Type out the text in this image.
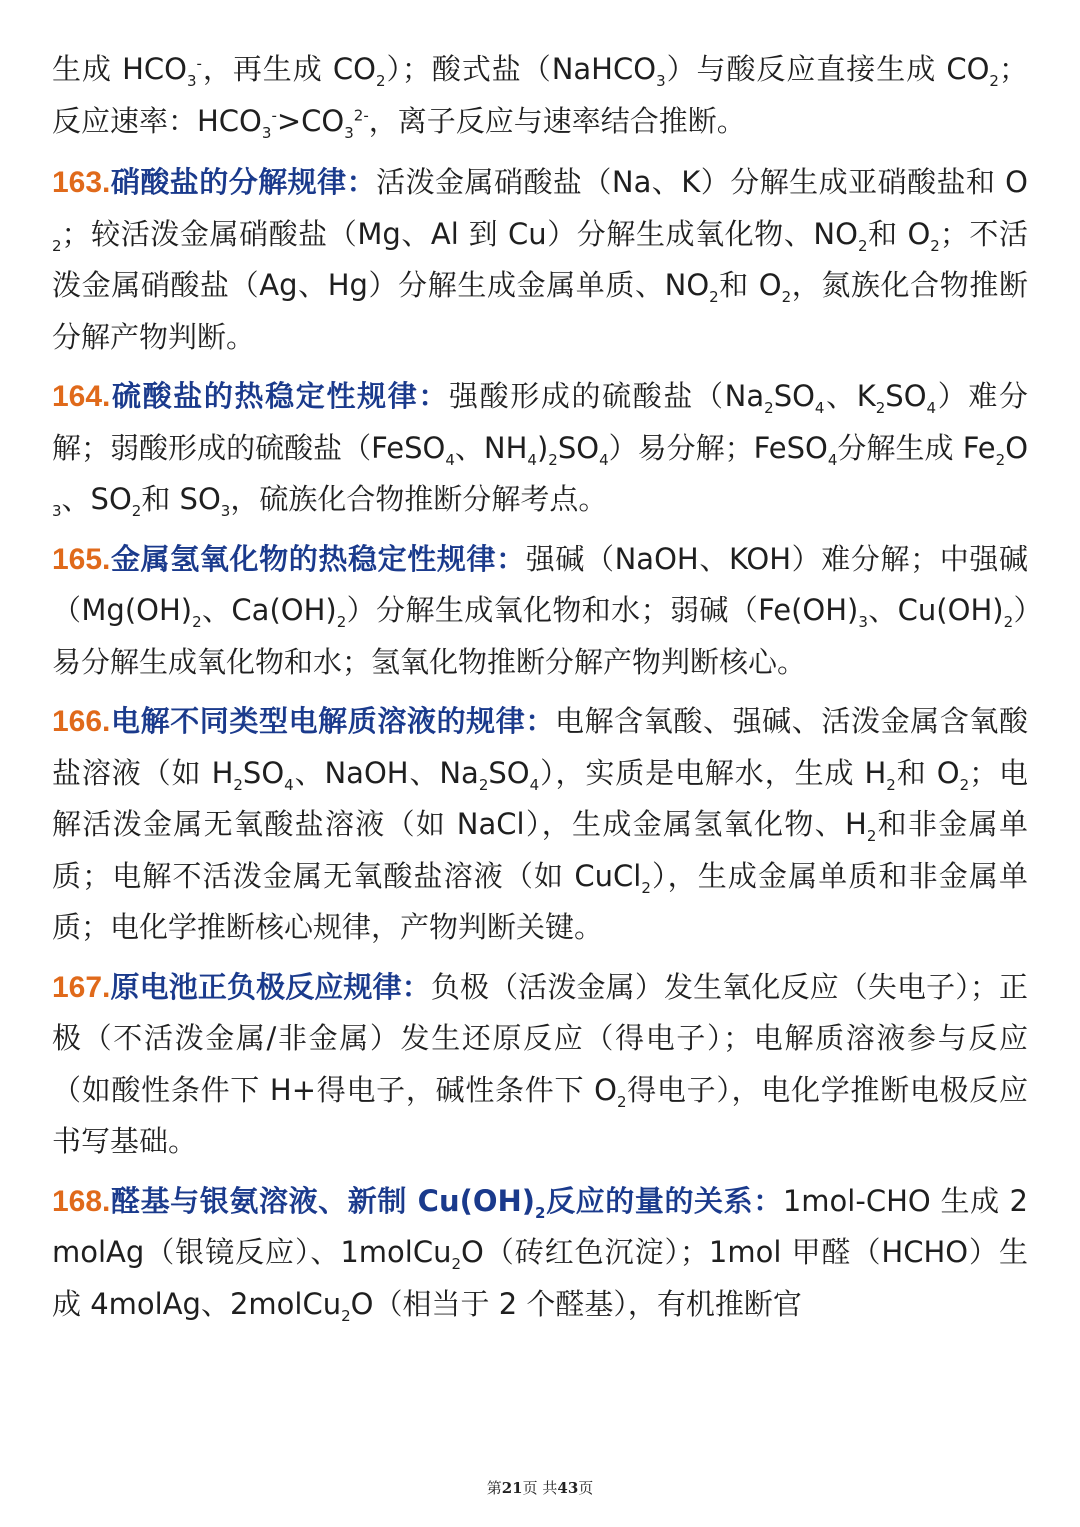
生成 $HCO_3^-$，再生成 $CO_2$）；酸式盐（NaHCO$_3$）与酸反应直接生成 $CO_2$；反应速率：$HCO_3^->CO_3^{2-}$，离子反应与速率结合推断。

163.硝酸盐的分解规律：活泼金属硝酸盐（Na、K）分解生成亚硝酸盐和 $O_2$；较活泼金属硝酸盐（Mg、Al 到 Cu）分解生成氧化物、$NO_2$和 $O_2$；不活泼金属硝酸盐（Ag、Hg）分解生成金属单质、$NO_2$和 $O_2$，氮族化合物推断分解产物判断。

164.硫酸盐的热稳定性规律：强酸形成的硫酸盐（$Na_2SO_4$、$K_2SO_4$）难分解；弱酸形成的硫酸盐（FeSO$_4$、$NH_4)_2SO_4$）易分解；FeSO$_4$分解生成 $Fe_2O_3$、$SO_2$和 $SO_3$，硫族化合物推断分解考点。

165.金属氢氧化物的热稳定性规律：强碱（NaOH、KOH）难分解；中强碱（$Mg(OH)_2$、$Ca(OH)_2$）分解生成氧化物和水；弱碱（$Fe(OH)_3$、$Cu(OH)_2$）易分解生成氧化物和水；氢氧化物推断分解产物判断核心。

166.电解不同类型电解质溶液的规律：电解含氧酸、强碱、活泼金属含氧酸盐溶液（如 $H_2SO_4$、NaOH、$Na_2SO_4$），实质是电解水，生成 $H_2$和 $O_2$；电解活泼金属无氧酸盐溶液（如 NaCl），生成金属氢氧化物、$H_2$和非金属单质；电解不活泼金属无氧酸盐溶液（如 CuCl$_2$），生成金属单质和非金属单质；电化学推断核心规律，产物判断关键。

167.原电池正负极反应规律：负极（活泼金属）发生氧化反应（失电子）；正极（不活泼金属/非金属）发生还原反应（得电子）；电解质溶液参与反应（如酸性条件下 H+得电子，碱性条件下 $O_2$得电子），电化学推断电极反应书写基础。

168.醛基与银氨溶液、新制 $Cu(OH)_2$反应的量的关系：1mol-CHO 生成 2molAg（银镜反应）、1molCu$_2$O（砖红色沉淀）；1mol 甲醛（HCHO）生成 4molAg、2molCu$_2$O（相当于 2 个醛基），有机推断官

第21页 共43页
